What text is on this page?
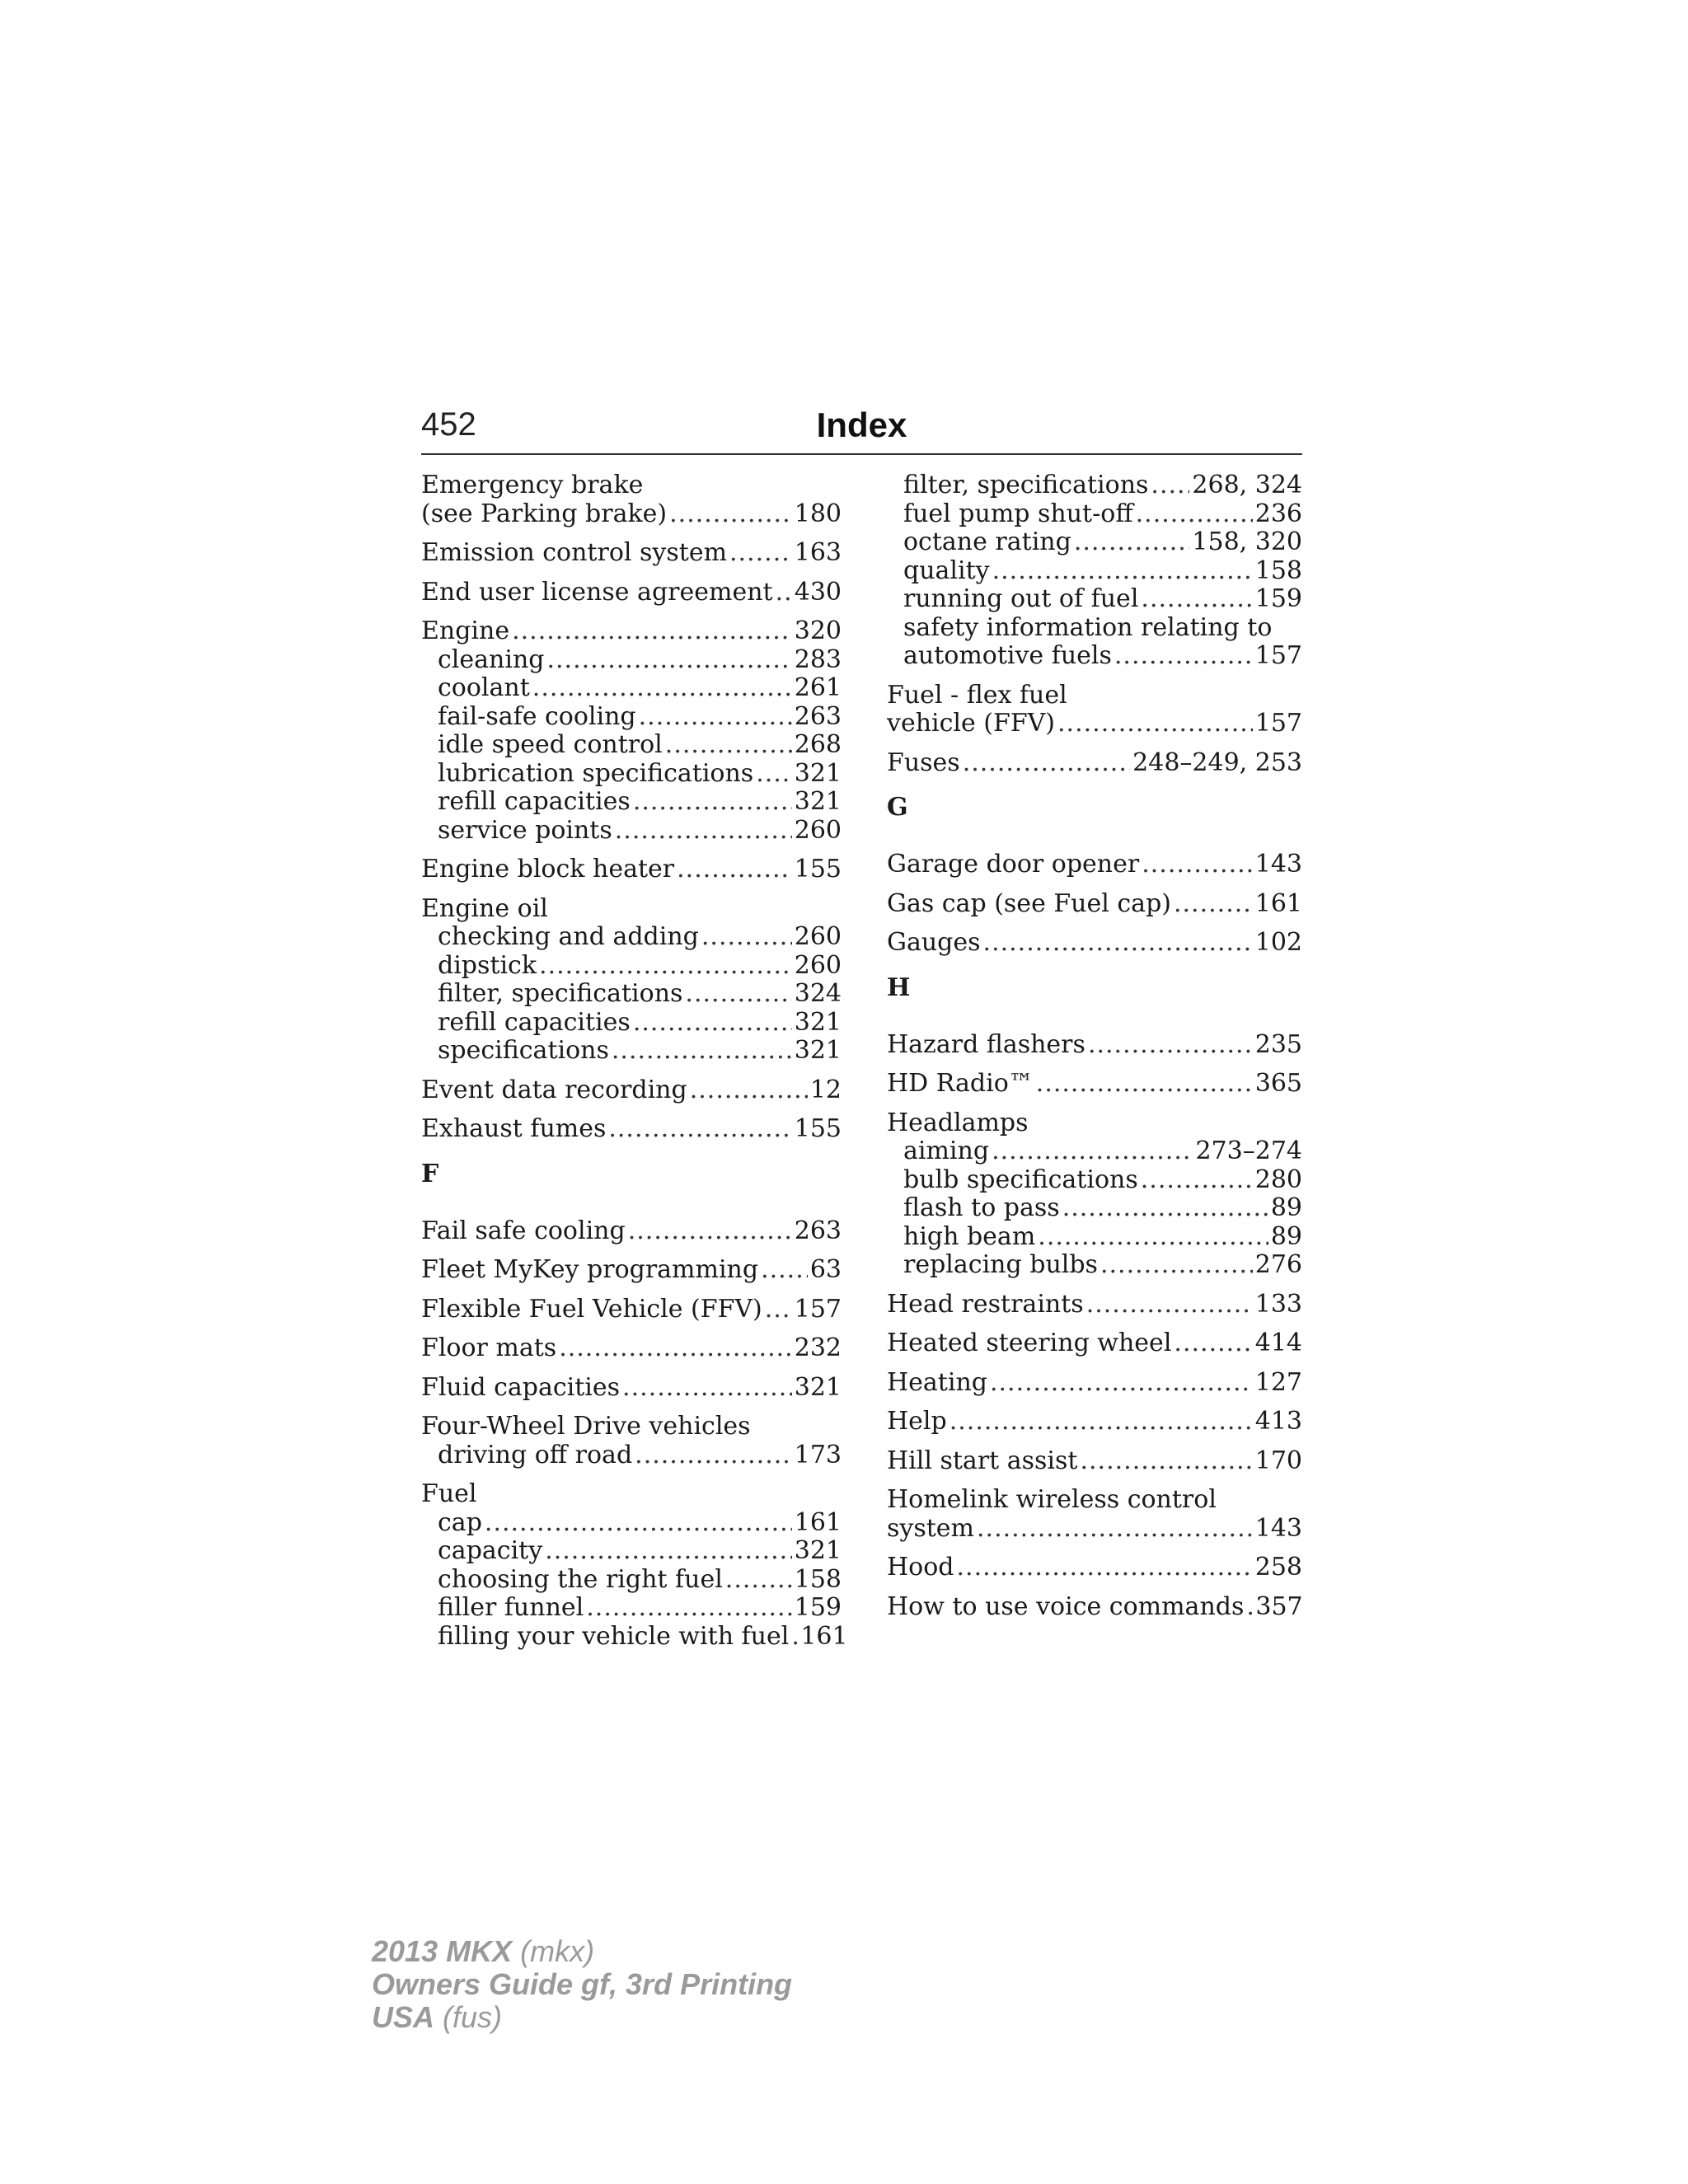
452	Index
Emergency brake
(see Parking brake) .....	180
Emission control system .....	163
End user license agreement ..... 430
Engine .....	320
cleaning .....	283
coolant .....	261
fail-safe cooling .....	263
idle speed control .....	268
lubrication specifications ..... 321
refill capacities .....	321
service points .....	260
Engine block heater .....	155
Engine oil
checking and adding .....	260
dipstick .....	260
filter, specifications .....	324
refill capacities .....	321
specifications .....	321
Event data recording .....	12
Exhaust fumes .....	155
F
Fail safe cooling .....	263
Fleet MyKey programming ..... 63
Flexible Fuel Vehicle (FFV) ..... 157
Floor mats .....	232
Fluid capacities .....	321
Four-Wheel Drive vehicles
driving off road .....	173
Fuel
cap .....	161
capacity .....	321
choosing the right fuel .....	158
filler funnel .....	159
filling your vehicle with fuel ..... 161
filter, specifications ..... 268, 324
fuel pump shut-off .....	236
octane rating .....	158, 320
quality .....	158
running out of fuel .....	159
safety information relating to
automotive fuels .....	157
Fuel - flex fuel
vehicle (FFV) .....	157
Fuses .....	248–249, 253
G
Garage door opener .....	143
Gas cap (see Fuel cap) .....	161
Gauges .....	102
H
Hazard flashers .....	235
HD Radio™ .....	365
Headlamps
aiming .....	273–274
bulb specifications .....	280
flash to pass .....	89
high beam .....	89
replacing bulbs .....	276
Head restraints .....	133
Heated steering wheel .....	414
Heating .....	127
Help .....	413
Hill start assist .....	170
Homelink wireless control
system .....	143
Hood .....	258
How to use voice commands ..... 357
2013 MKX (mkx)
Owners Guide gf, 3rd Printing
USA (fus)
